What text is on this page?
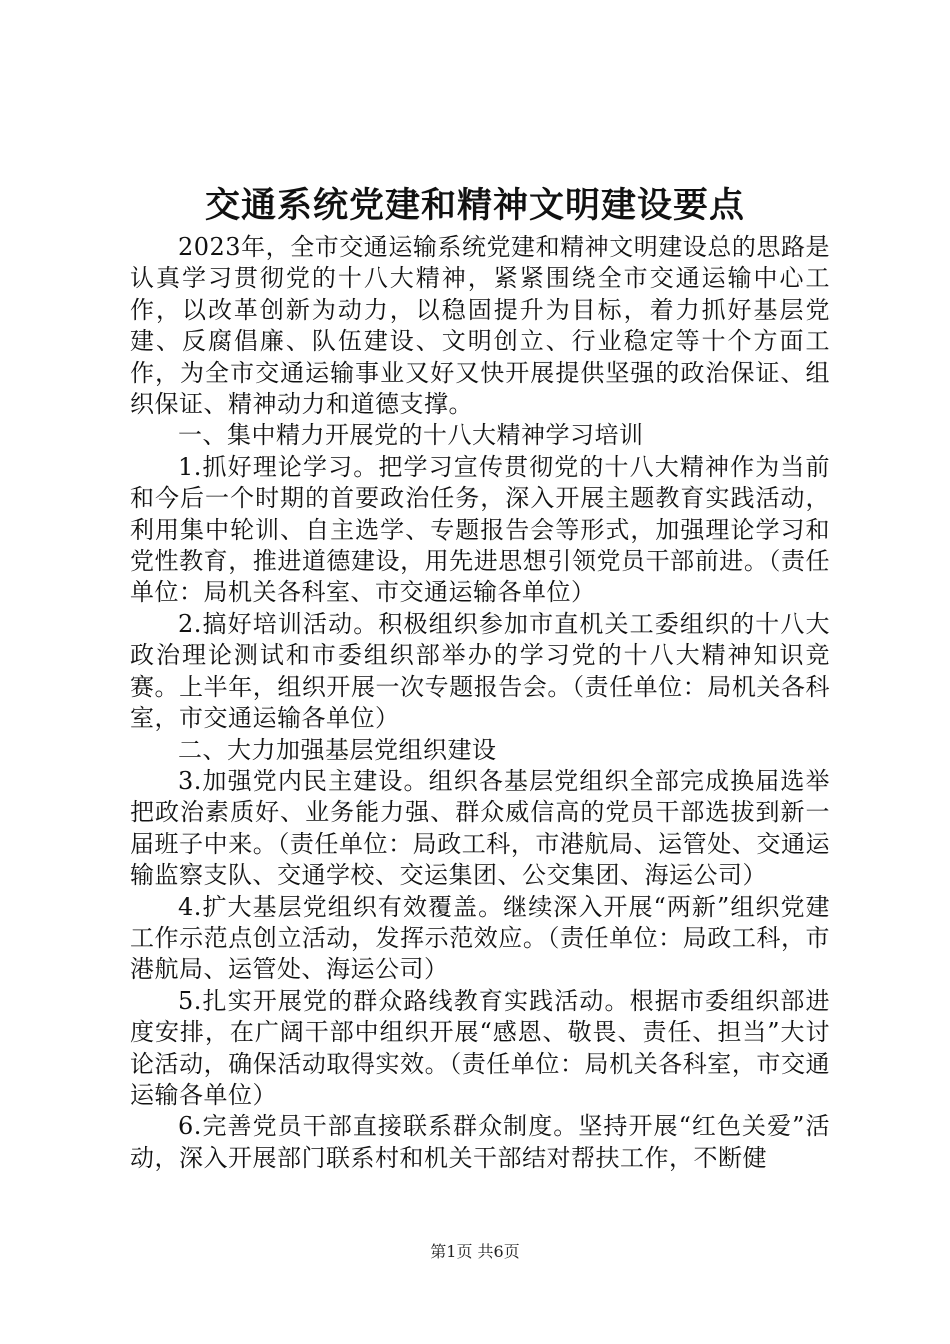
交通系统党建和精神文明建设要点

2023年，全市交通运输系统党建和精神文明建设总的思路是认真学习贯彻党的十八大精神，紧紧围绕全市交通运输中心工作，以改革创新为动力，以稳固提升为目标，着力抓好基层党建、反腐倡廉、队伍建设、文明创立、行业稳定等十个方面工作，为全市交通运输事业又好又快开展提供坚强的政治保证、组织保证、精神动力和道德支撑。

一、集中精力开展党的十八大精神学习培训

1.抓好理论学习。把学习宣传贯彻党的十八大精神作为当前和今后一个时期的首要政治任务，深入开展主题教育实践活动，利用集中轮训、自主选学、专题报告会等形式，加强理论学习和党性教育，推进道德建设，用先进思想引领党员干部前进。（责任单位：局机关各科室、市交通运输各单位）

2.搞好培训活动。积极组织参加市直机关工委组织的十八大政治理论测试和市委组织部举办的学习党的十八大精神知识竞赛。上半年，组织开展一次专题报告会。（责任单位：局机关各科室，市交通运输各单位）

二、大力加强基层党组织建设

3.加强党内民主建设。组织各基层党组织全部完成换届选举把政治素质好、业务能力强、群众威信高的党员干部选拔到新一届班子中来。（责任单位：局政工科，市港航局、运管处、交通运输监察支队、交通学校、交运集团、公交集团、海运公司）

4.扩大基层党组织有效覆盖。继续深入开展“两新”组织党建工作示范点创立活动，发挥示范效应。（责任单位：局政工科，市港航局、运管处、海运公司）

5.扎实开展党的群众路线教育实践活动。根据市委组织部进度安排，在广阔干部中组织开展“感恩、敬畏、责任、担当”大讨论活动，确保活动取得实效。（责任单位：局机关各科室，市交通运输各单位）

6.完善党员干部直接联系群众制度。坚持开展“红色关爱”活动，深入开展部门联系村和机关干部结对帮扶工作，不断健

第1页 共6页
